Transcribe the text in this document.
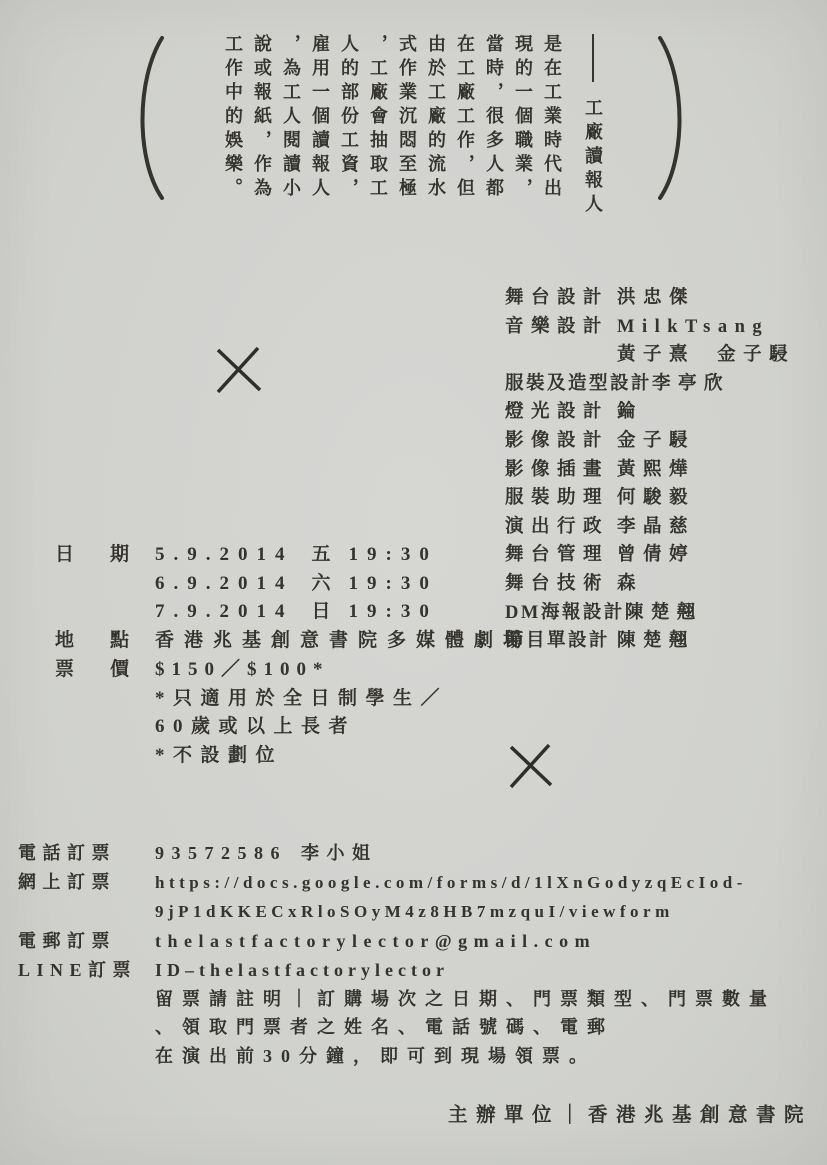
工廠讀報人
是在工業時代出
現的一個職業，
當時，很多人都
在工廠工作，但
由於工廠的流水
式作業沉悶至極
，工廠會抽取工
人的部份工資，
雇用一個讀報人
，為工人閱讀小
說或報紙，作為
工作中的娛樂。
舞台設計 洪忠傑
音樂設計 MilkTsang
黃子熹 金子駸
服裝及造型設計李亭欣
燈光設計 錀
影像設計 金子駸
影像插畫 黃熙燁
服裝助理 何駿毅
演出行政 李晶慈
舞台管理 曾倩婷
舞台技術 森
DM海報設計陳楚翹
節目單設計 陳楚翹
日 期 5.9.2014 五 19:30
6.9.2014 六 19:30
7.9.2014 日 19:30
地 點 香港兆基創意書院多媒體劇場
票 價 $150／$100*
*只適用於全日制學生／
60歲或以上長者
*不設劃位
電話訂票 93572586 李小姐
網上訂票 https://docs.google.com/forms/d/1lXnGodyzqEcIod-
9jP1dKKECxRloSOyM4z8HB7mzquI/viewform
電郵訂票 thelastfactorylector@gmail.com
LINE訂票 ID–thelastfactorylector
留票請註明｜訂購場次之日期、門票類型、門票數量
、領取門票者之姓名、電話號碼、電郵
在演出前30分鐘，即可到現場領票。
主辦單位｜香港兆基創意書院
